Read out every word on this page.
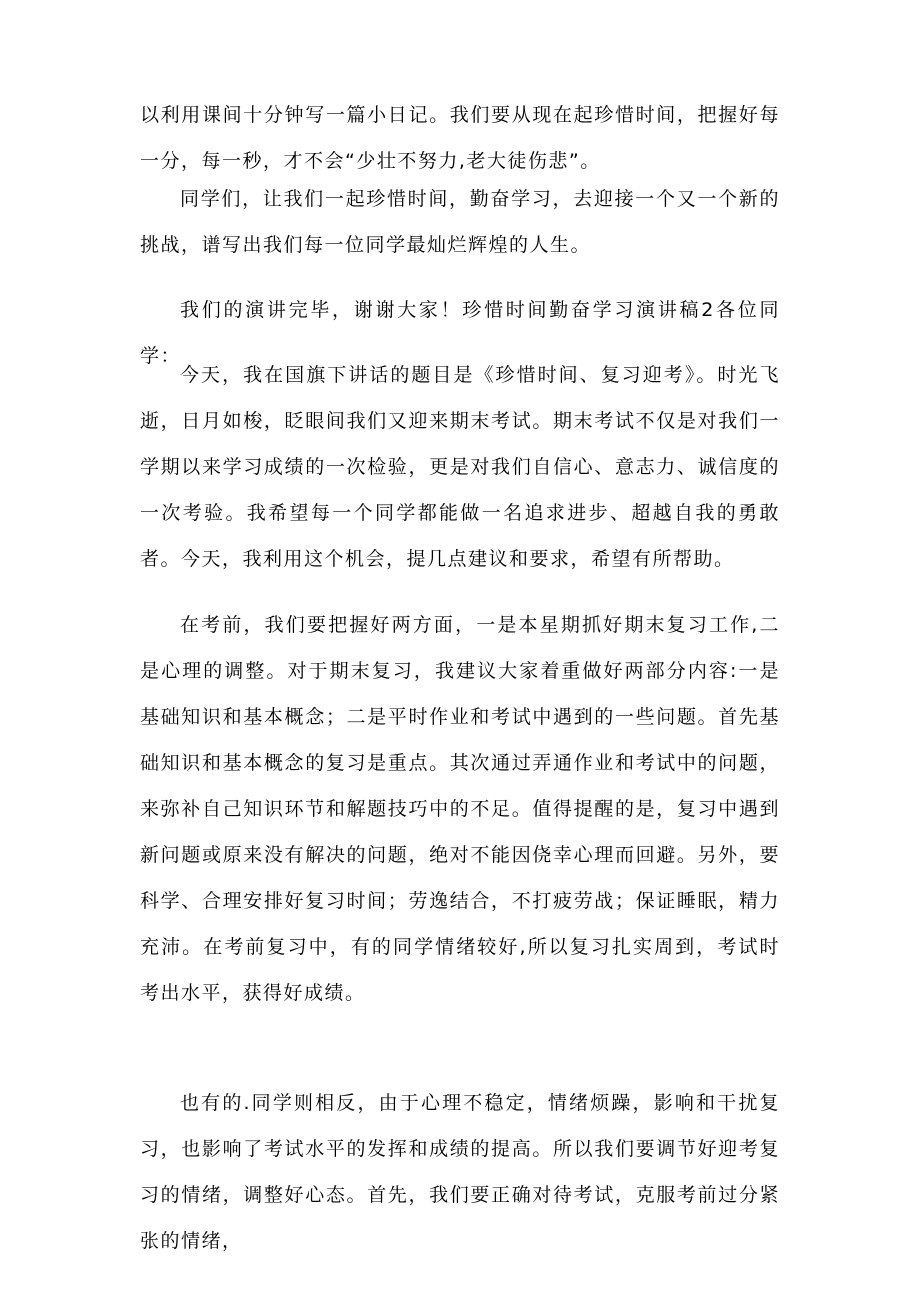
以利用课间十分钟写一篇小日记。我们要从现在起珍惜时间，把握好每一分，每一秒，才不会“少壮不努力,老大徒伤悲”。

同学们，让我们一起珍惜时间，勤奋学习，去迎接一个又一个新的挑战，谱写出我们每一位同学最灿烂辉煌的人生。

我们的演讲完毕，谢谢大家！珍惜时间勤奋学习演讲稿2各位同学：

今天，我在国旗下讲话的题目是《珍惜时间、复习迎考》。时光飞逝，日月如梭，眨眼间我们又迎来期末考试。期末考试不仅是对我们一学期以来学习成绩的一次检验，更是对我们自信心、意志力、诚信度的一次考验。我希望每一个同学都能做一名追求进步、超越自我的勇敢者。今天，我利用这个机会，提几点建议和要求，希望有所帮助。

在考前，我们要把握好两方面，一是本星期抓好期末复习工作,二是心理的调整。对于期末复习，我建议大家着重做好两部分内容:一是基础知识和基本概念；二是平时作业和考试中遇到的一些问题。首先基础知识和基本概念的复习是重点。其次通过弄通作业和考试中的问题，来弥补自己知识环节和解题技巧中的不足。值得提醒的是，复习中遇到新问题或原来没有解决的问题，绝对不能因侥幸心理而回避。另外，要科学、合理安排好复习时间；劳逸结合，不打疲劳战；保证睡眠，精力充沛。在考前复习中，有的同学情绪较好,所以复习扎实周到，考试时考出水平，获得好成绩。

也有的.同学则相反，由于心理不稳定，情绪烦躁，影响和干扰复习，也影响了考试水平的发挥和成绩的提高。所以我们要调节好迎考复习的情绪，调整好心态。首先，我们要正确对待考试，克服考前过分紧张的情绪，
